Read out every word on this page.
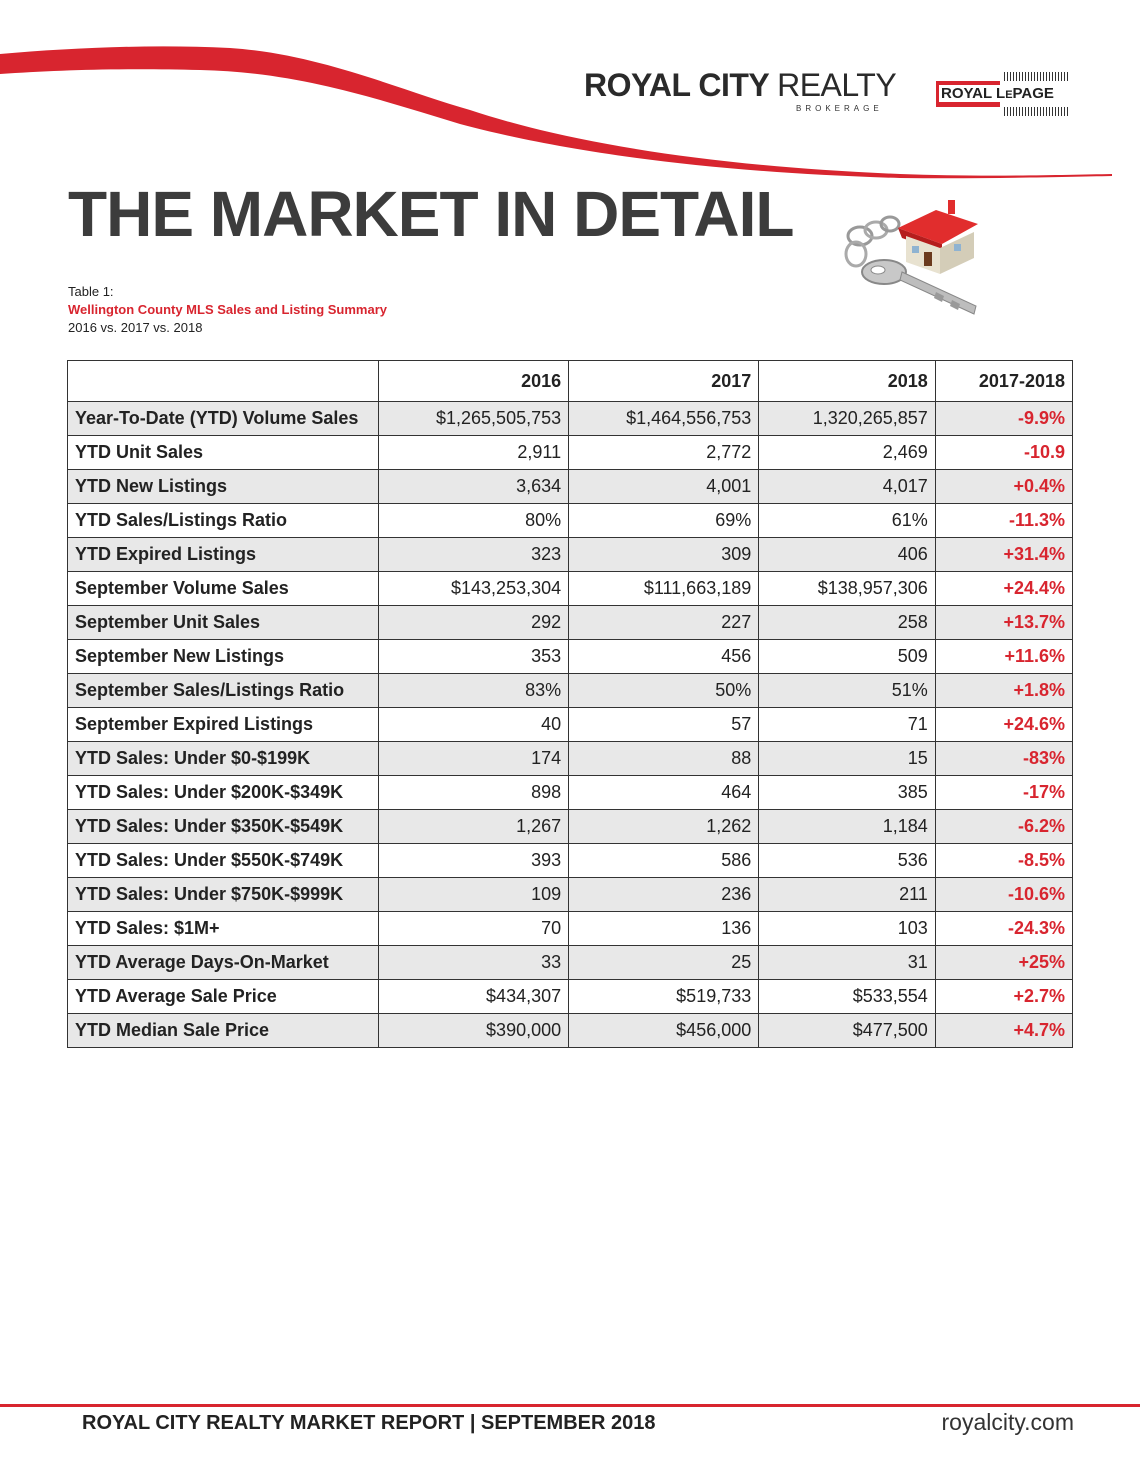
ROYAL CITY REALTY
BROKERAGE
ROYAL LEPAGE
THE MARKET IN DETAIL
Table 1:
Wellington County MLS Sales and Listing Summary
2016 vs. 2017 vs. 2018
	2016	2017	2018	2017-2018
Year-To-Date (YTD) Volume Sales	$1,265,505,753	$1,464,556,753	1,320,265,857	-9.9%
YTD Unit Sales	2,911	2,772	2,469	-10.9
YTD New Listings	3,634	4,001	4,017	+0.4%
YTD Sales/Listings Ratio	80%	69%	61%	-11.3%
YTD Expired Listings	323	309	406	+31.4%
September Volume Sales	$143,253,304	$111,663,189	$138,957,306	+24.4%
September Unit Sales	292	227	258	+13.7%
September New Listings	353	456	509	+11.6%
September Sales/Listings Ratio	83%	50%	51%	+1.8%
September Expired Listings	40	57	71	+24.6%
YTD Sales: Under $0-$199K	174	88	15	-83%
YTD Sales: Under $200K-$349K	898	464	385	-17%
YTD Sales: Under $350K-$549K	1,267	1,262	1,184	-6.2%
YTD Sales: Under $550K-$749K	393	586	536	-8.5%
YTD Sales: Under $750K-$999K	109	236	211	-10.6%
YTD Sales: $1M+	70	136	103	-24.3%
YTD Average Days-On-Market	33	25	31	+25%
YTD Average Sale Price	$434,307	$519,733	$533,554	+2.7%
YTD Median Sale Price	$390,000	$456,000	$477,500	+4.7%
ROYAL CITY REALTY MARKET REPORT | SEPTEMBER 2018	royalcity.com
